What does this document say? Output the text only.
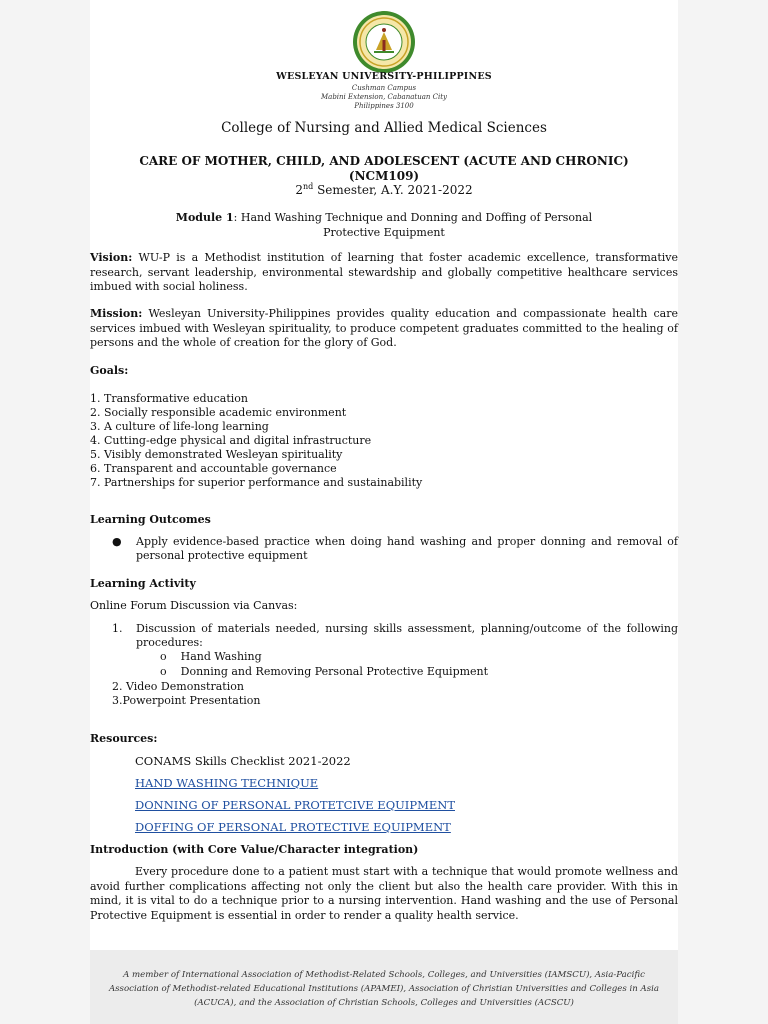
WESLEYAN UNIVERSITY-PHILIPPINES
Cushman Campus
Mabini Extension, Cabanatuan City
Philippines 3100
College of Nursing and Allied Medical Sciences
CARE OF MOTHER, CHILD, AND ADOLESCENT (ACUTE AND CHRONIC)
(NCM109)
2nd Semester, A.Y. 2021-2022
Module 1: Hand Washing Technique and Donning and Doffing of Personal Protective Equipment
Vision: WU-P is a Methodist institution of learning that foster academic excellence, transformative research, servant leadership, environmental stewardship and globally competitive healthcare services imbued with social holiness.
Mission: Wesleyan University-Philippines provides quality education and compassionate health care services imbued with Wesleyan spirituality, to produce competent graduates committed to the healing of persons and the whole of creation for the glory of God.
Goals:
1. Transformative education
2. Socially responsible academic environment
3. A culture of life-long learning
4. Cutting-edge physical and digital infrastructure
5. Visibly demonstrated Wesleyan spirituality
6. Transparent and accountable governance
7. Partnerships for superior performance and sustainability
Learning Outcomes
● Apply evidence-based practice when doing hand washing and proper donning and removal of personal protective equipment
Learning Activity
Online Forum Discussion via Canvas:
1. Discussion of materials needed, nursing skills assessment, planning/outcome of the following procedures:
o Hand Washing
o Donning and Removing Personal Protective Equipment
2. Video Demonstration
3.Powerpoint Presentation
Resources:
CONAMS Skills Checklist 2021-2022
HAND WASHING TECHNIQUE
DONNING OF PERSONAL PROTETCIVE EQUIPMENT
DOFFING OF PERSONAL PROTECTIVE EQUIPMENT
Introduction (with Core Value/Character integration)
Every procedure done to a patient must start with a technique that would promote wellness and avoid further complications affecting not only the client but also the health care provider. With this in mind, it is vital to do a technique prior to a nursing intervention. Hand washing and the use of Personal Protective Equipment is essential in order to render a quality health service.
A member of International Association of Methodist-Related Schools, Colleges, and Universities (IAMSCU), Asia-Pacific Association of Methodist-related Educational Institutions (APAMEI), Association of Christian Universities and Colleges in Asia (ACUCA), and the Association of Christian Schools, Colleges and Universities (ACSCU)
